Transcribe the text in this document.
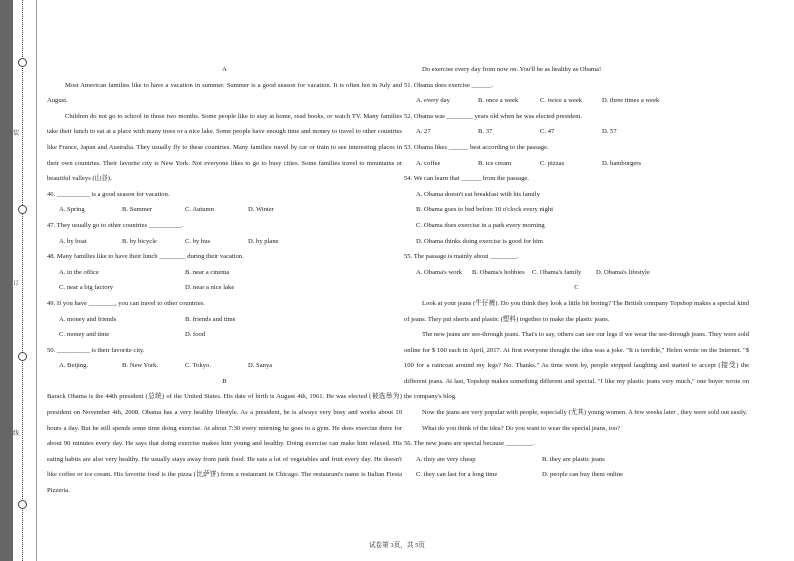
装
订
线

A

Most American families like to have a vacation in summer. Summer is a good season for vacation. It is often hot in July and August.

Children do not go to school in those two months. Some people like to stay at home, read books, or watch TV. Many families take their lunch to eat at a place with many trees or a nice lake. Some people have enough time and money to travel to other countries like France, Japan and Australia. They usually fly to these countries. Many families travel by car or train to see interesting places in their own countries. Their favorite city is New York. Not everyone likes to go to busy cities. Some families travel to mountains or beautiful valleys (山谷).

46. __________ is a good season for vacation.

A. Spring	B. Summer	C. Autumn	D. Winter

47. They usually go to other countries __________.

A. by boat	B. by bicycle	C. by bus	D. by plane

48. Many families like to have their lunch ________ during their vacation.

A. in the office	B. near a cinema

C. near a big factory	D. near a nice lake

49. If you have ________, you can travel to other countries.

A. money and friends	B. friends and time

C. money and time	D. food

50. __________ is their favorite city.

A. Beijing.	B. New York.	C. Tokyo.	D. Sanya

B

Barack Obama is the 44th president (总统) of the United States. His date of birth is August 4th, 1961. He was elected (被选举为) president on November 4th, 2008. Obama has a very healthy lifestyle. As a president, he is always very busy and works about 10 hours a day. But he still spends some time doing exercise. At about 7:30 every morning he goes to a gym. He does exercise there for about 90 minutes every day. He says that doing exercise makes him young and healthy. Doing exercise can make him relaxed. His eating habits are also very healthy. He usually stays away from junk food. He eats a lot of vegetables and fruit every day. He doesn't like coffee or ice cream. His favorite food is the pizza (比萨饼) from a restaurant in Chicago. The restaurant's name is Italian Fiesta Pizzeria.

Do exercise every day from now on. You'll be as healthy as Obama!

51. Obama does exercise ______.

A. every day	B. once a week	C. twice a week	D. three times a week

52. Obama was ________ years old when he was elected president.

A. 27	B. 37	C. 47	D. 57

53. Obama likes ______ best according to the passage.

A. coffee	B. ice cream	C. pizzas	D. hamburgers

54. We can learn that ______ from the passage.

A. Obama doesn't eat breakfast with his family

B. Obama goes to bed before 10 o'clock every night

C. Obama does exercise in a park every morning

D. Obama thinks doing exercise is good for him

55. The passage is mainly about ________.

A. Obama's work	B. Obama's hobbies	C. Obama's family	D. Obama's lifestyle

C

Look at your jeans (牛仔裤). Do you think they look a little bit boring? The British company Topshop makes a special kind of jeans. They put shorts and plastic (塑料) together to make the plastic jeans.

The new jeans are see-through jeans. That's to say, others can see our legs if we wear the see-through jeans. They were sold online for $ 100 each in April, 2017. At first everyone thought the idea was a joke. "It is terrible," Helen wrote on the Internet. "$ 100 for a raincoat around my legs? No. Thanks." As time went by, people stopped laughing and started to accept (接受) the different jeans. At last, Topshop makes something different and special. "I like my plastic jeans very much," one buyer wrote on the company's blog.

Now the jeans are very popular with people, especially (尤其) young women. A few weeks later , they were sold out easily.

What do you think of the idea? Do you want to wear the special jeans, too?

56. The new jeans are special because ________.

A. they are very cheap	B. they are plastic jeans

C. they can last for a long time	D. people can buy them online

试卷第 3页，共 5页
